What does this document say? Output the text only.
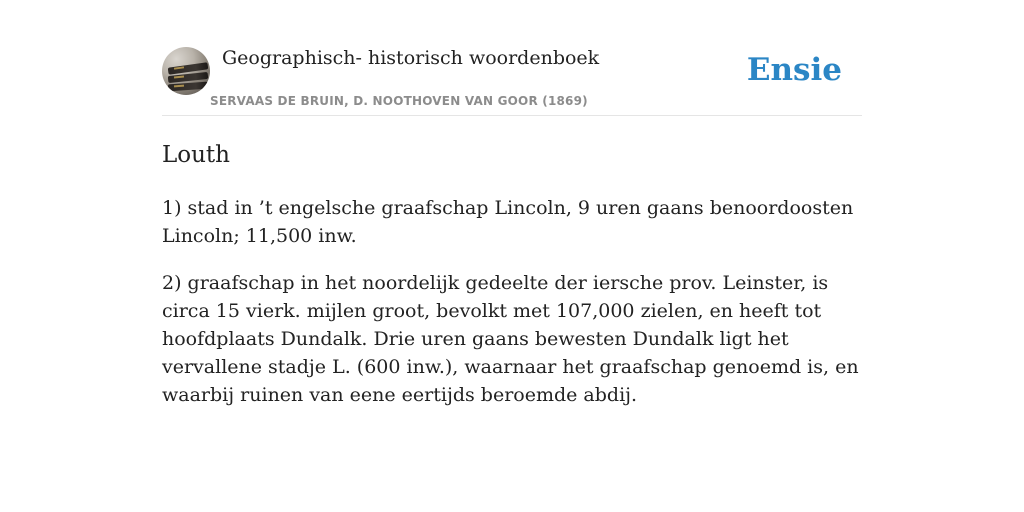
Geographisch- historisch woordenboek
SERVAAS DE BRUIN, D. NOOTHOVEN VAN GOOR (1869)
Ensie
Louth

1) stad in ’t engelsche graafschap Lincoln, 9 uren gaans benoordoosten Lincoln; 11,500 inw.

2) graafschap in het noordelijk gedeelte der iersche prov. Leinster, is circa 15 vierk. mijlen groot, bevolkt met 107,000 zielen, en heeft tot hoofdplaats Dundalk. Drie uren gaans bewesten Dundalk ligt het vervallene stadje L. (600 inw.), waarnaar het graafschap genoemd is, en waarbij ruinen van eene eertijds beroemde abdij.
